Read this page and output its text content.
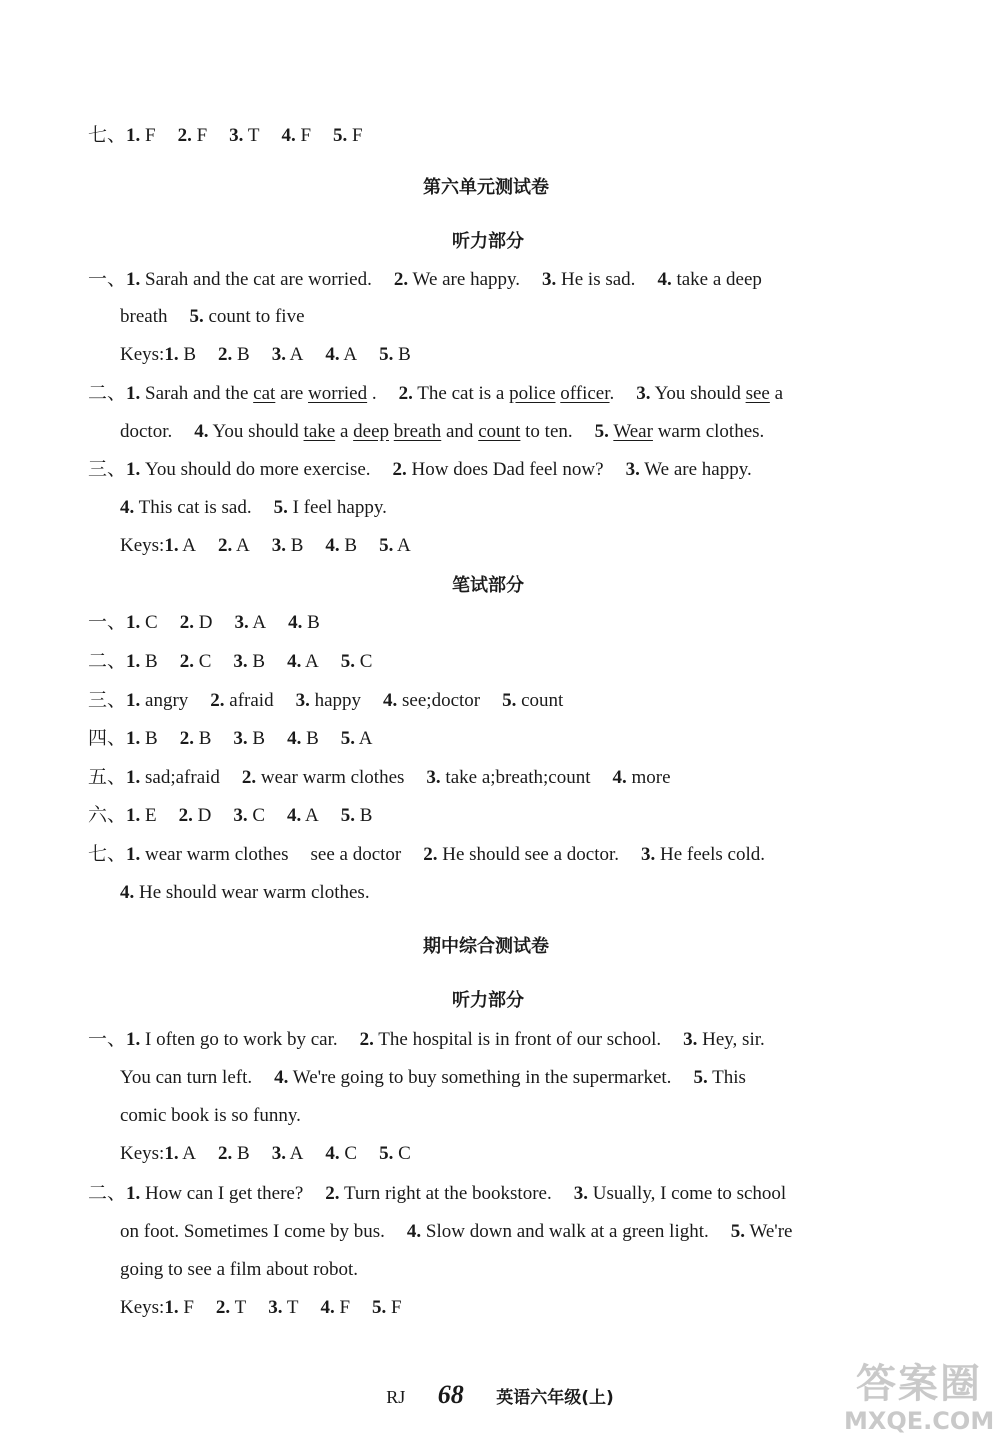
七、1. F 2. F 3. T 4. F 5. F
第六单元测试卷
听力部分
一、1. Sarah and the cat are worried. 2. We are happy. 3. He is sad. 4. take a deep
breath 5. count to five
Keys:1. B 2. B 3. A 4. A 5. B
二、1. Sarah and the cat are worried . 2. The cat is a police officer. 3. You should see a
doctor. 4. You should take a deep breath and count to ten. 5. Wear warm clothes.
三、1. You should do more exercise. 2. How does Dad feel now? 3. We are happy.
4. This cat is sad. 5. I feel happy.
Keys:1. A 2. A 3. B 4. B 5. A
笔试部分
一、1. C 2. D 3. A 4. B
二、1. B 2. C 3. B 4. A 5. C
三、1. angry 2. afraid 3. happy 4. see;doctor 5. count
四、1. B 2. B 3. B 4. B 5. A
五、1. sad;afraid 2. wear warm clothes 3. take a;breath;count 4. more
六、1. E 2. D 3. C 4. A 5. B
七、1. wear warm clothes see a doctor 2. He should see a doctor. 3. He feels cold.
4. He should wear warm clothes.
期中综合测试卷
听力部分
一、1. I often go to work by car. 2. The hospital is in front of our school. 3. Hey, sir.
You can turn left. 4. We're going to buy something in the supermarket. 5. This
comic book is so funny.
Keys:1. A 2. B 3. A 4. C 5. C
二、1. How can I get there? 2. Turn right at the bookstore. 3. Usually, I come to school
on foot. Sometimes I come by bus. 4. Slow down and walk at a green light. 5. We're
going to see a film about robot.
Keys:1. F 2. T 3. T 4. F 5. F
RJ 68 英语六年级(上)	答案圈
MXQE.COM
